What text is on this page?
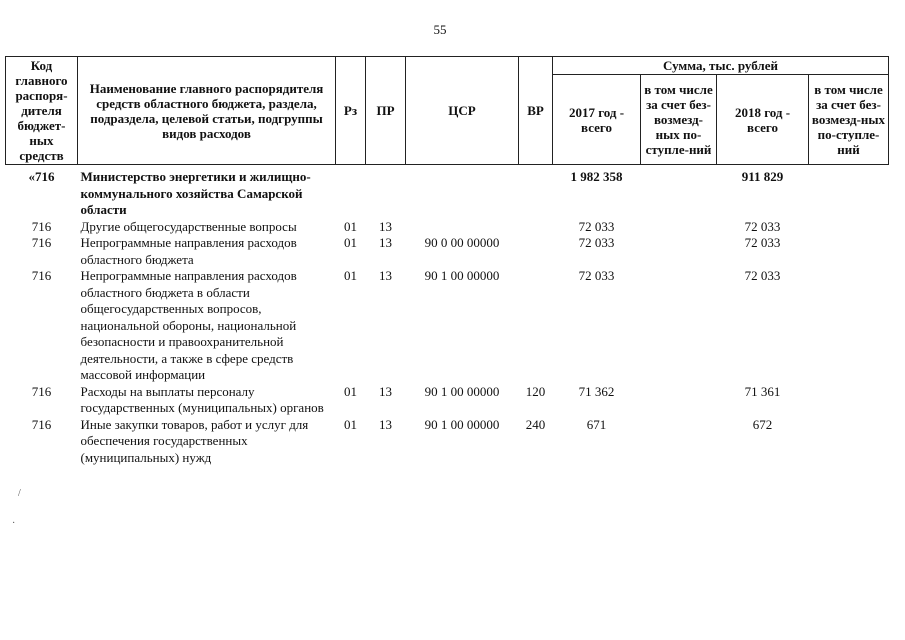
55
/
·
Код главного распоря-дителя бюджет-ных средств	Наименование главного распорядителя средств областного бюджета, раздела, подраздела, целевой статьи, подгруппы видов расходов	Рз	ПР	ЦСР	ВР	Сумма, тыс. рублей			
						2017 год - всего	в том числе за счет без-возмезд-ных по-ступле-ний	2018 год - всего	в том числе за счет без-возмезд-ных по-ступле-ний
«716	Министерство энергетики и жилищно-коммунального хозяйства Самарской области					1 982 358		911 829	
716	Другие общегосударственные вопросы	01	13			72 033		72 033	
716	Непрограммные направления расходов областного бюджета	01	13	90 0 00 00000		72 033		72 033	
716	Непрограммные направления расходов областного бюджета в области общегосударственных вопросов, национальной обороны, национальной безопасности и правоохранительной деятельности, а также в сфере средств массовой информации	01	13	90 1 00 00000		72 033		72 033	
716	Расходы на выплаты персоналу государственных (муниципальных) органов	01	13	90 1 00 00000	120	71 362		71 361	
716	Иные закупки товаров, работ и услуг для обеспечения государственных (муниципальных) нужд	01	13	90 1 00 00000	240	671		672	
